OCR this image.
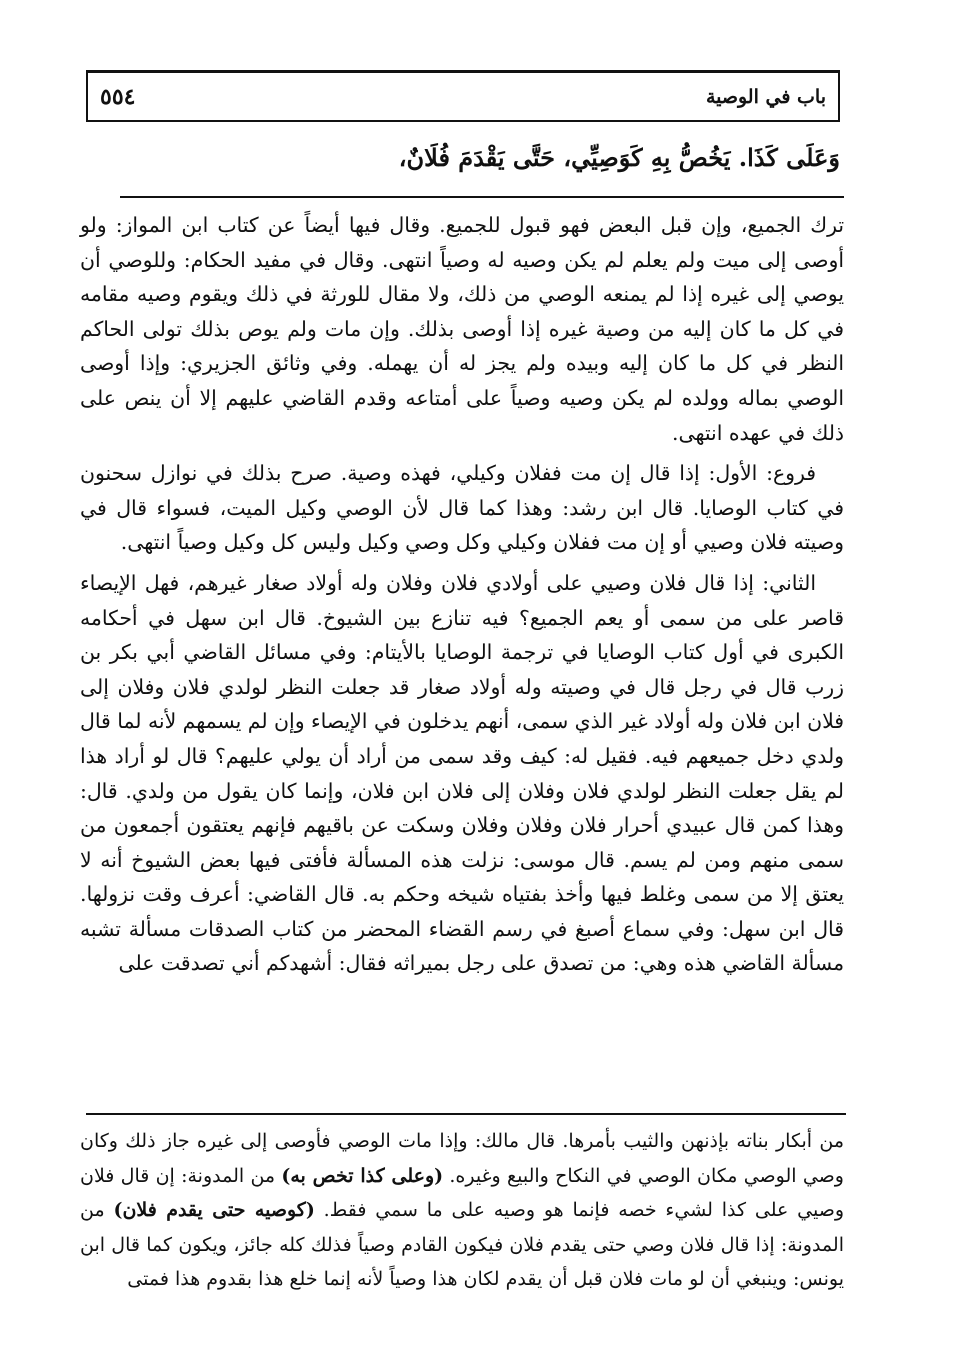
باب في الوصية
٥٥٤
وَعَلَى كَذَا. يَخُصُّ بِهِ كَوَصِيِّي، حَتَّى يَقْدَمَ فُلَانٌ،

ترك الجميع، وإن قبل البعض فهو قبول للجميع. وقال فيها أيضاً عن كتاب ابن المواز: ولو أوصى إلى ميت ولم يعلم لم يكن وصيه له وصياً انتهى. وقال في مفيد الحكام: وللوصي أن يوصي إلى غيره إذا لم يمنعه الوصي من ذلك، ولا مقال للورثة في ذلك ويقوم وصيه مقامه في كل ما كان إليه من وصية غيره إذا أوصى بذلك. وإن مات ولم يوص بذلك تولى الحاكم النظر في كل ما كان إليه وبيده ولم يجز له أن يهمله. وفي وثائق الجزيري: وإذا أوصى الوصي بماله وولده لم يكن وصيه وصياً على أمتاعه وقدم القاضي عليهم إلا أن ينص على ذلك في عهده انتهى.

فروع: الأول: إذا قال إن مت ففلان وكيلي، فهذه وصية. صرح بذلك في نوازل سحنون في كتاب الوصايا. قال ابن رشد: وهذا كما قال لأن الوصي وكيل الميت، فسواء قال في وصيته فلان وصيي أو إن مت ففلان وكيلي وكل وصي وكيل وليس كل وكيل وصياً انتهى.

الثاني: إذا قال فلان وصيي على أولادي فلان وفلان وله أولاد صغار غيرهم، فهل الإيصاء قاصر على من سمى أو يعم الجميع؟ فيه تنازع بين الشيوخ. قال ابن سهل في أحكامه الكبرى في أول كتاب الوصايا في ترجمة الوصايا بالأيتام: وفي مسائل القاضي أبي بكر بن زرب قال في رجل قال في وصيته وله أولاد صغار قد جعلت النظر لولدي فلان وفلان إلى فلان ابن فلان وله أولاد غير الذي سمى، أنهم يدخلون في الإيصاء وإن لم يسمهم لأنه لما قال ولدي دخل جميعهم فيه. فقيل له: كيف وقد سمى من أراد أن يولي عليهم؟ قال لو أراد هذا لم يقل جعلت النظر لولدي فلان وفلان إلى فلان ابن فلان، وإنما كان يقول من ولدي. قال: وهذا كمن قال عبيدي أحرار فلان وفلان وفلان وسكت عن باقيهم فإنهم يعتقون أجمعون من سمى منهم ومن لم يسم. قال موسى: نزلت هذه المسألة فأفتى فيها بعض الشيوخ أنه لا يعتق إلا من سمى وغلط فيها وأخذ بفتياه شيخه وحكم به. قال القاضي: أعرف وقت نزولها. قال ابن سهل: وفي سماع أصبغ في رسم القضاء المحضر من كتاب الصدقات مسألة تشبه مسألة القاضي هذه وهي: من تصدق على رجل بميراثه فقال: أشهدكم أني تصدقت على

من أبكار بناته بإذنهن والثيب بأمرها. قال مالك: وإذا مات الوصي فأوصى إلى غيره جاز ذلك وكان وصي الوصي مكان الوصي في النكاح والبيع وغيره. (وعلى كذا تخص به) من المدونة: إن قال فلان وصيي على كذا لشيء خصه فإنما هو وصيه على ما سمي فقط. (كوصيه حتى يقدم فلان) من المدونة: إذا قال فلان وصي حتى يقدم فلان فيكون القادم وصياً فذلك كله جائز، ويكون كما قال ابن يونس: وينبغي أن لو مات فلان قبل أن يقدم لكان هذا وصياً لأنه إنما خلع هذا بقدوم هذا فمتى
